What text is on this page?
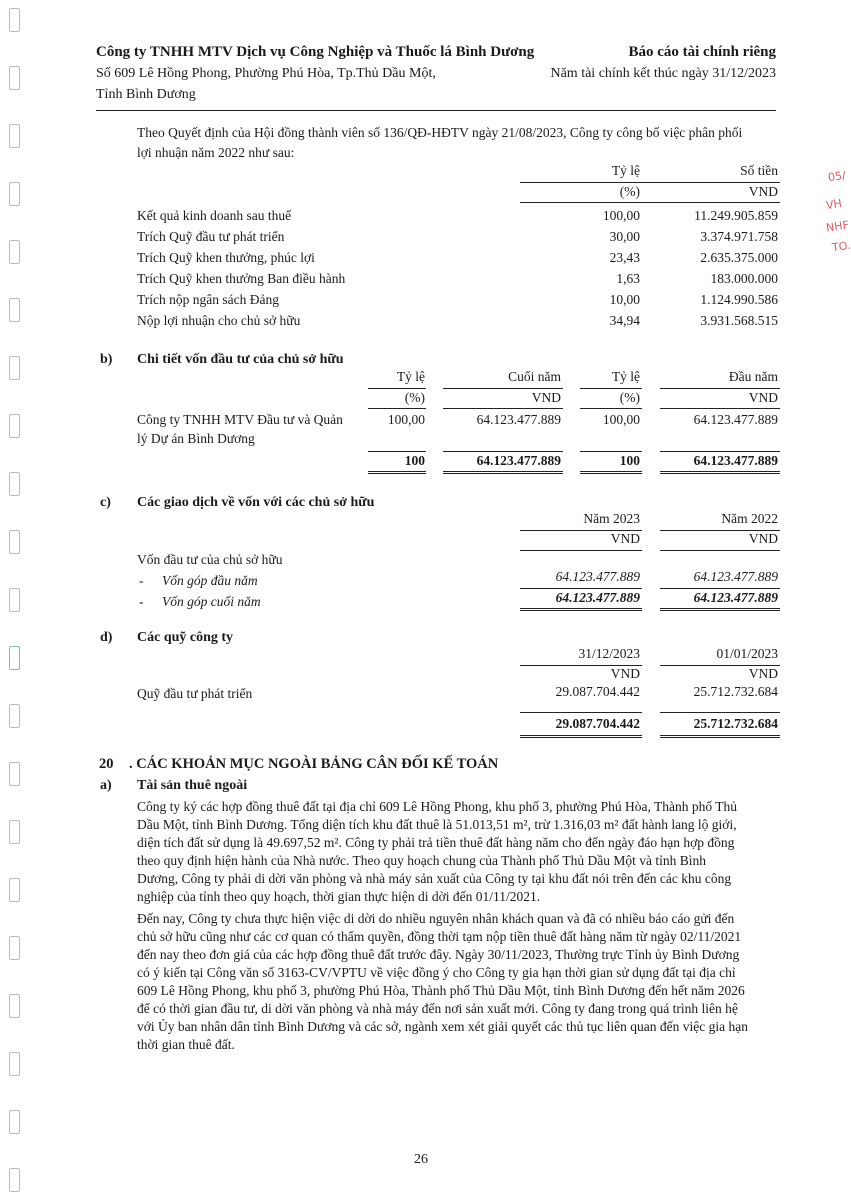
05/
VH
NHF
TO.
Công ty TNHH MTV Dịch vụ Công Nghiệp và Thuốc lá Bình Dương
Số 609 Lê Hồng Phong, Phường Phú Hòa, Tp.Thủ Dầu Một,
Tỉnh Bình Dương
Báo cáo tài chính riêng
Năm tài chính kết thúc ngày 31/12/2023
Theo Quyết định của Hội đồng thành viên số 136/QĐ-HĐTV ngày 21/08/2023, Công ty công bố việc phân phối
lợi nhuận năm 2022 như sau:
Tỷ lệ	Số tiền
(%)	VND
Kết quả kinh doanh sau thuế	100,00	11.249.905.859
Trích Quỹ đầu tư phát triển	30,00	3.374.971.758
Trích Quỹ khen thưởng, phúc lợi	23,43	2.635.375.000
Trích Quỹ khen thưởng Ban điều hành	1,63	183.000.000
Trích nộp ngân sách Đảng	10,00	1.124.990.586
Nộp lợi nhuận cho chủ sở hữu	34,94	3.931.568.515
b) Chi tiết vốn đầu tư của chủ sở hữu
Tỷ lệ	Cuối năm	Tỷ lệ	Đầu năm
(%)	VND	(%)	VND
Công ty TNHH MTV Đầu tư và Quản
lý Dự án Bình Dương
100,00	64.123.477.889	100,00	64.123.477.889
100	64.123.477.889	100	64.123.477.889
c) Các giao dịch về vốn với các chủ sở hữu
Năm 2023	Năm 2022
VND	VND
Vốn đầu tư của chủ sở hữu
- Vốn góp đầu năm	64.123.477.889	64.123.477.889
- Vốn góp cuối năm	64.123.477.889	64.123.477.889
d) Các quỹ công ty
31/12/2023	01/01/2023
VND	VND
Quỹ đầu tư phát triển	29.087.704.442	25.712.732.684
29.087.704.442	25.712.732.684
20 . CÁC KHOẢN MỤC NGOÀI BẢNG CÂN ĐỐI KẾ TOÁN
a) Tài sản thuê ngoài
Công ty ký các hợp đồng thuê đất tại địa chỉ 609 Lê Hồng Phong, khu phố 3, phường Phú Hòa, Thành phố Thủ
Dầu Một, tỉnh Bình Dương. Tổng diện tích khu đất thuê là 51.013,51 m², trừ 1.316,03 m² đất hành lang lộ giới,
diện tích đất sử dụng là 49.697,52 m². Công ty phải trả tiền thuê đất hàng năm cho đến ngày đáo hạn hợp đồng
theo quy định hiện hành của Nhà nước. Theo quy hoạch chung của Thành phố Thủ Dầu Một và tỉnh Bình
Dương, Công ty phải di dời văn phòng và nhà máy sản xuất của Công ty tại khu đất nói trên đến các khu công
nghiệp của tỉnh theo quy hoạch, thời gian thực hiện di dời đến 01/11/2021.
Đến nay, Công ty chưa thực hiện việc di dời do nhiều nguyên nhân khách quan và đã có nhiều báo cáo gửi đến
chủ sở hữu cũng như các cơ quan có thẩm quyền, đồng thời tạm nộp tiền thuê đất hàng năm từ ngày 02/11/2021
đến nay theo đơn giá của các hợp đồng thuê đất trước đây. Ngày 30/11/2023, Thường trực Tỉnh ủy Bình Dương
có ý kiến tại Công văn số 3163-CV/VPTU về việc đồng ý cho Công ty gia hạn thời gian sử dụng đất tại địa chỉ
609 Lê Hồng Phong, khu phố 3, phường Phú Hòa, Thành phố Thủ Dầu Một, tỉnh Bình Dương đến hết năm 2026
để có thời gian đầu tư, di dời văn phòng và nhà máy đến nơi sản xuất mới. Công ty đang trong quá trình liên hệ
với Ủy ban nhân dân tỉnh Bình Dương và các sở, ngành xem xét giải quyết các thủ tục liên quan đến việc gia hạn
thời gian thuê đất.
26
